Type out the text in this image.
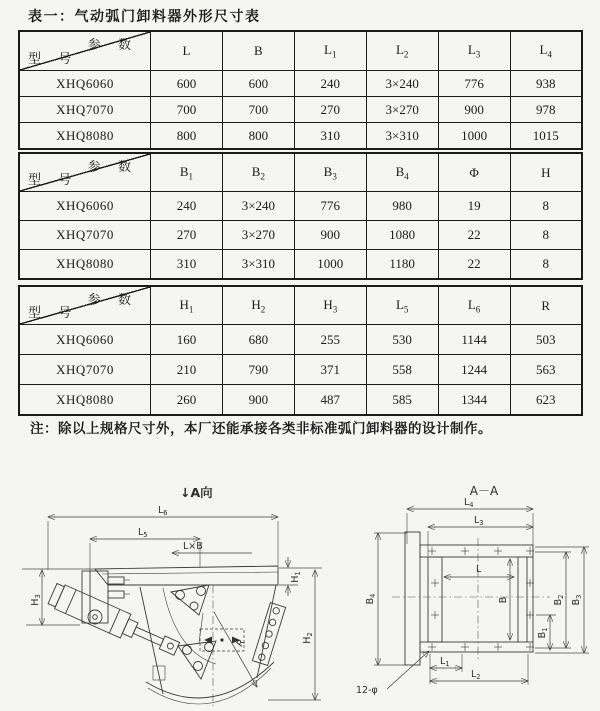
表一：气动弧门卸料器外形尺寸表
参 数
型 号	L	B	$L_1$	$L_2$	$L_3$	$L_4$
XHQ6060	600	600	240	3×240	776	938
XHQ7070	700	700	270	3×270	900	978
XHQ8080	800	800	310	3×310	1000	1015
参 数
型 号	$B_1$	$B_2$	$B_3$	$B_4$	Φ	H
XHQ6060	240	3×240	776	980	19	8
XHQ7070	270	3×270	900	1080	22	8
XHQ8080	310	3×310	1000	1180	22	8
参 数
型 号	$H_1$	$H_2$	$H_3$	$L_5$	$L_6$	R
XHQ6060	160	680	255	530	1144	503
XHQ7070	210	790	371	558	1244	563
XHQ8080	260	900	487	585	1344	623
注：除以上规格尺寸外，本厂还能承接各类非标准弧门卸料器的设计制作。
↓A向
$L_6$
$L_5$
L×B
$H_3$
$H_1$
$H_2$
R
A－A
$L_4$
$L_3$
L
B
$B_4$
$B_1$
$B_2$
$B_3$
$L_1$
$L_2$
12-φ
